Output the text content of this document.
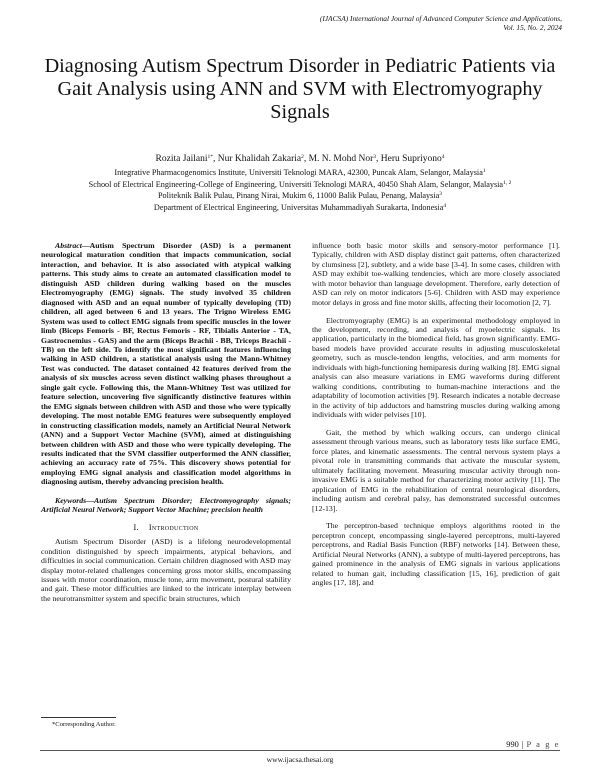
(IJACSA) International Journal of Advanced Computer Science and Applications,
Vol. 15, No. 2, 2024
Diagnosing Autism Spectrum Disorder in Pediatric Patients via Gait Analysis using ANN and SVM with Electromyography Signals
Rozita Jailani$^{1*}$, Nur Khalidah Zakaria$^2$, M. N. Mohd Nor$^3$, Heru Supriyono$^4$
Integrative Pharmacogenomics Institute, Universiti Teknologi MARA, 42300, Puncak Alam, Selangor, Malaysia$^1$
School of Electrical Engineering-College of Engineering, Universiti Teknologi MARA, 40450 Shah Alam, Selangor, Malaysia$^{1, 2}$
Politeknik Balik Pulau, Pinang Nirai, Mukim 6, 11000 Balik Pulau, Penang, Malaysia$^3$
Department of Electrical Engineering, Universitas Muhammadiyah Surakarta, Indonesia$^4$

Abstract—Autism Spectrum Disorder (ASD) is a permanent neurological maturation condition that impacts communication, social interaction, and behavior. It is also associated with atypical walking patterns. This study aims to create an automated classification model to distinguish ASD children during walking based on the muscles Electromyography (EMG) signals. The study involved 35 children diagnosed with ASD and an equal number of typically developing (TD) children, all aged between 6 and 13 years. The Trigno Wireless EMG System was used to collect EMG signals from specific muscles in the lower limb (Biceps Femoris - BF, Rectus Femoris - RF, Tibialis Anterior - TA, Gastrocnemius - GAS) and the arm (Biceps Brachii - BB, Triceps Brachii - TB) on the left side. To identify the most significant features influencing walking in ASD children, a statistical analysis using the Mann-Whitney Test was conducted. The dataset contained 42 features derived from the analysis of six muscles across seven distinct walking phases throughout a single gait cycle. Following this, the Mann-Whitney Test was utilized for feature selection, uncovering five significantly distinctive features within the EMG signals between children with ASD and those who were typically developing. The most notable EMG features were subsequently employed in constructing classification models, namely an Artificial Neural Network (ANN) and a Support Vector Machine (SVM), aimed at distinguishing between children with ASD and those who were typically developing. The results indicated that the SVM classifier outperformed the ANN classifier, achieving an accuracy rate of 75%. This discovery shows potential for employing EMG signal analysis and classification model algorithms in diagnosing autism, thereby advancing precision health.

Keywords—Autism Spectrum Disorder; Electromyography signals; Artificial Neural Network; Support Vector Machine; precision health

I. Introduction

Autism Spectrum Disorder (ASD) is a lifelong neurodevelopmental condition distinguished by speech impairments, atypical behaviors, and difficulties in social communication. Certain children diagnosed with ASD may display motor-related challenges concerning gross motor skills, encompassing issues with motor coordination, muscle tone, arm movement, postural stability and gait. These motor difficulties are linked to the intricate interplay between the neurotransmitter system and specific brain structures, which

influence both basic motor skills and sensory-motor performance [1]. Typically, children with ASD display distinct gait patterns, often characterized by clumsiness [2], subtlety, and a wide base [3-4]. In some cases, children with ASD may exhibit toe-walking tendencies, which are more closely associated with motor behavior than language development. Therefore, early detection of ASD can rely on motor indicators [5-6]. Children with ASD may experience motor delays in gross and fine motor skills, affecting their locomotion [2, 7].

Electromyography (EMG) is an experimental methodology employed in the development, recording, and analysis of myoelectric signals. Its application, particularly in the biomedical field, has grown significantly. EMG-based models have provided accurate results in adjusting musculoskeletal geometry, such as muscle-tendon lengths, velocities, and arm moments for individuals with high-functioning hemiparesis during walking [8]. EMG signal analysis can also measure variations in EMG waveforms during different walking conditions, contributing to human-machine interactions and the adaptability of locomotion activities [9]. Research indicates a notable decrease in the activity of hip adductors and hamstring muscles during walking among individuals with wider pelvises [10].

Gait, the method by which walking occurs, can undergo clinical assessment through various means, such as laboratory tests like surface EMG, force plates, and kinematic assessments. The central nervous system plays a pivotal role in transmitting commands that activate the muscular system, ultimately facilitating movement. Measuring muscular activity through non-invasive EMG is a suitable method for characterizing motor activity [11]. The application of EMG in the rehabilitation of central neurological disorders, including autism and cerebral palsy, has demonstrated successful outcomes [12-13].

The perceptron-based technique employs algorithms rooted in the perceptron concept, encompassing single-layered perceptrons, multi-layered perceptrons, and Radial Basis Function (RBF) networks [14]. Between these, Artificial Neural Networks (ANN), a subtype of multi-layered perceptrons, has gained prominence in the analysis of EMG signals in various applications related to human gait, including classification [15, 16], prediction of gait angles [17, 18], and

*Corresponding Author.
990 | P a g e
www.ijacsa.thesai.org
